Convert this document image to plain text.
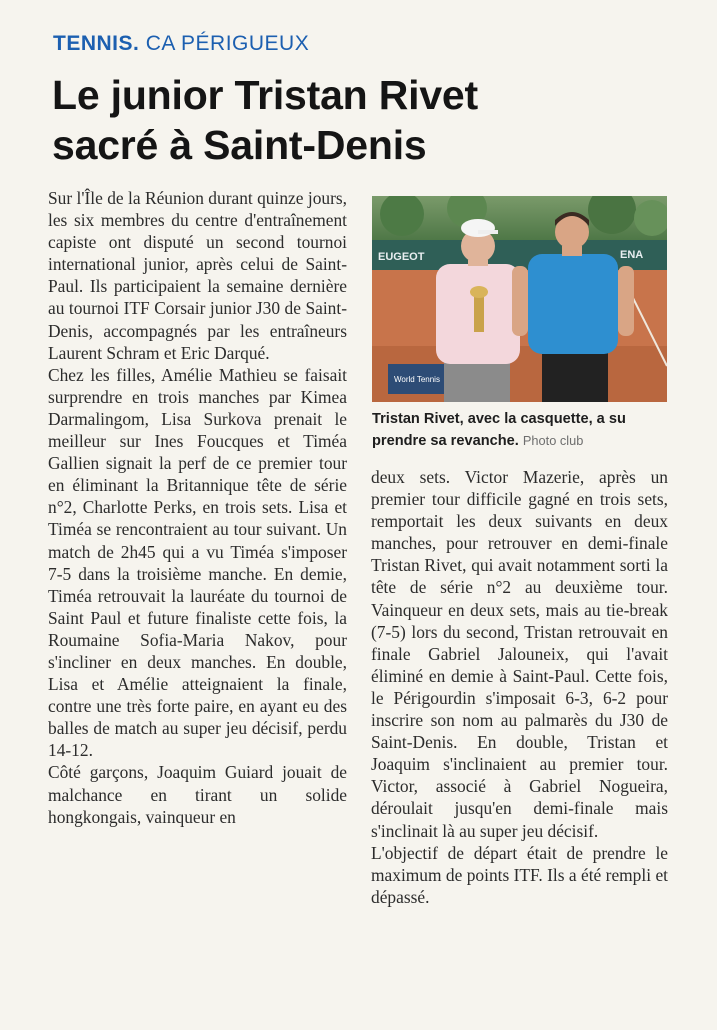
TENNIS. CA PÉRIGUEUX
Le junior Tristan Rivet
sacré à Saint-Denis

Sur l'Île de la Réunion durant quinze jours, les six membres du centre d'entraînement capiste ont disputé un second tournoi international junior, après celui de Saint-Paul. Ils participaient la semaine dernière au tournoi ITF Corsair junior J30 de Saint-Denis, accompagnés par les entraîneurs Laurent Schram et Eric Darqué.

Chez les filles, Amélie Mathieu se faisait surprendre en trois manches par Kimea Darmalingom, Lisa Surkova prenait le meilleur sur Ines Foucques et Timéa Gallien signait la perf de ce premier tour en éliminant la Britannique tête de série n°2, Charlotte Perks, en trois sets. Lisa et Timéa se rencontraient au tour suivant. Un match de 2h45 qui a vu Timéa s'imposer 7-5 dans la troisième manche. En demie, Timéa retrouvait la lauréate du tournoi de Saint Paul et future finaliste cette fois, la Roumaine Sofia-Maria Nakov, pour s'incliner en deux manches. En double, Lisa et Amélie atteignaient la finale, contre une très forte paire, en ayant eu des balles de match au super jeu décisif, perdu 14-12.

Côté garçons, Joaquim Guiard jouait de malchance en tirant un solide hongkongais, vainqueur en

EUGEOT	ENA
World Tennis
Tristan Rivet, avec la casquette, a su prendre sa revanche. Photo club

deux sets. Victor Mazerie, après un premier tour difficile gagné en trois sets, remportait les deux suivants en deux manches, pour retrouver en demi-finale Tristan Rivet, qui avait notamment sorti la tête de série n°2 au deuxième tour. Vainqueur en deux sets, mais au tie-break (7-5) lors du second, Tristan retrouvait en finale Gabriel Jalouneix, qui l'avait éliminé en demie à Saint-Paul. Cette fois, le Périgourdin s'imposait 6-3, 6-2 pour inscrire son nom au palmarès du J30 de Saint-Denis. En double, Tristan et Joaquim s'inclinaient au premier tour. Victor, associé à Gabriel Nogueira, déroulait jusqu'en demi-finale mais s'inclinait là au super jeu décisif.

L'objectif de départ était de prendre le maximum de points ITF. Ils a été rempli et dépassé.
